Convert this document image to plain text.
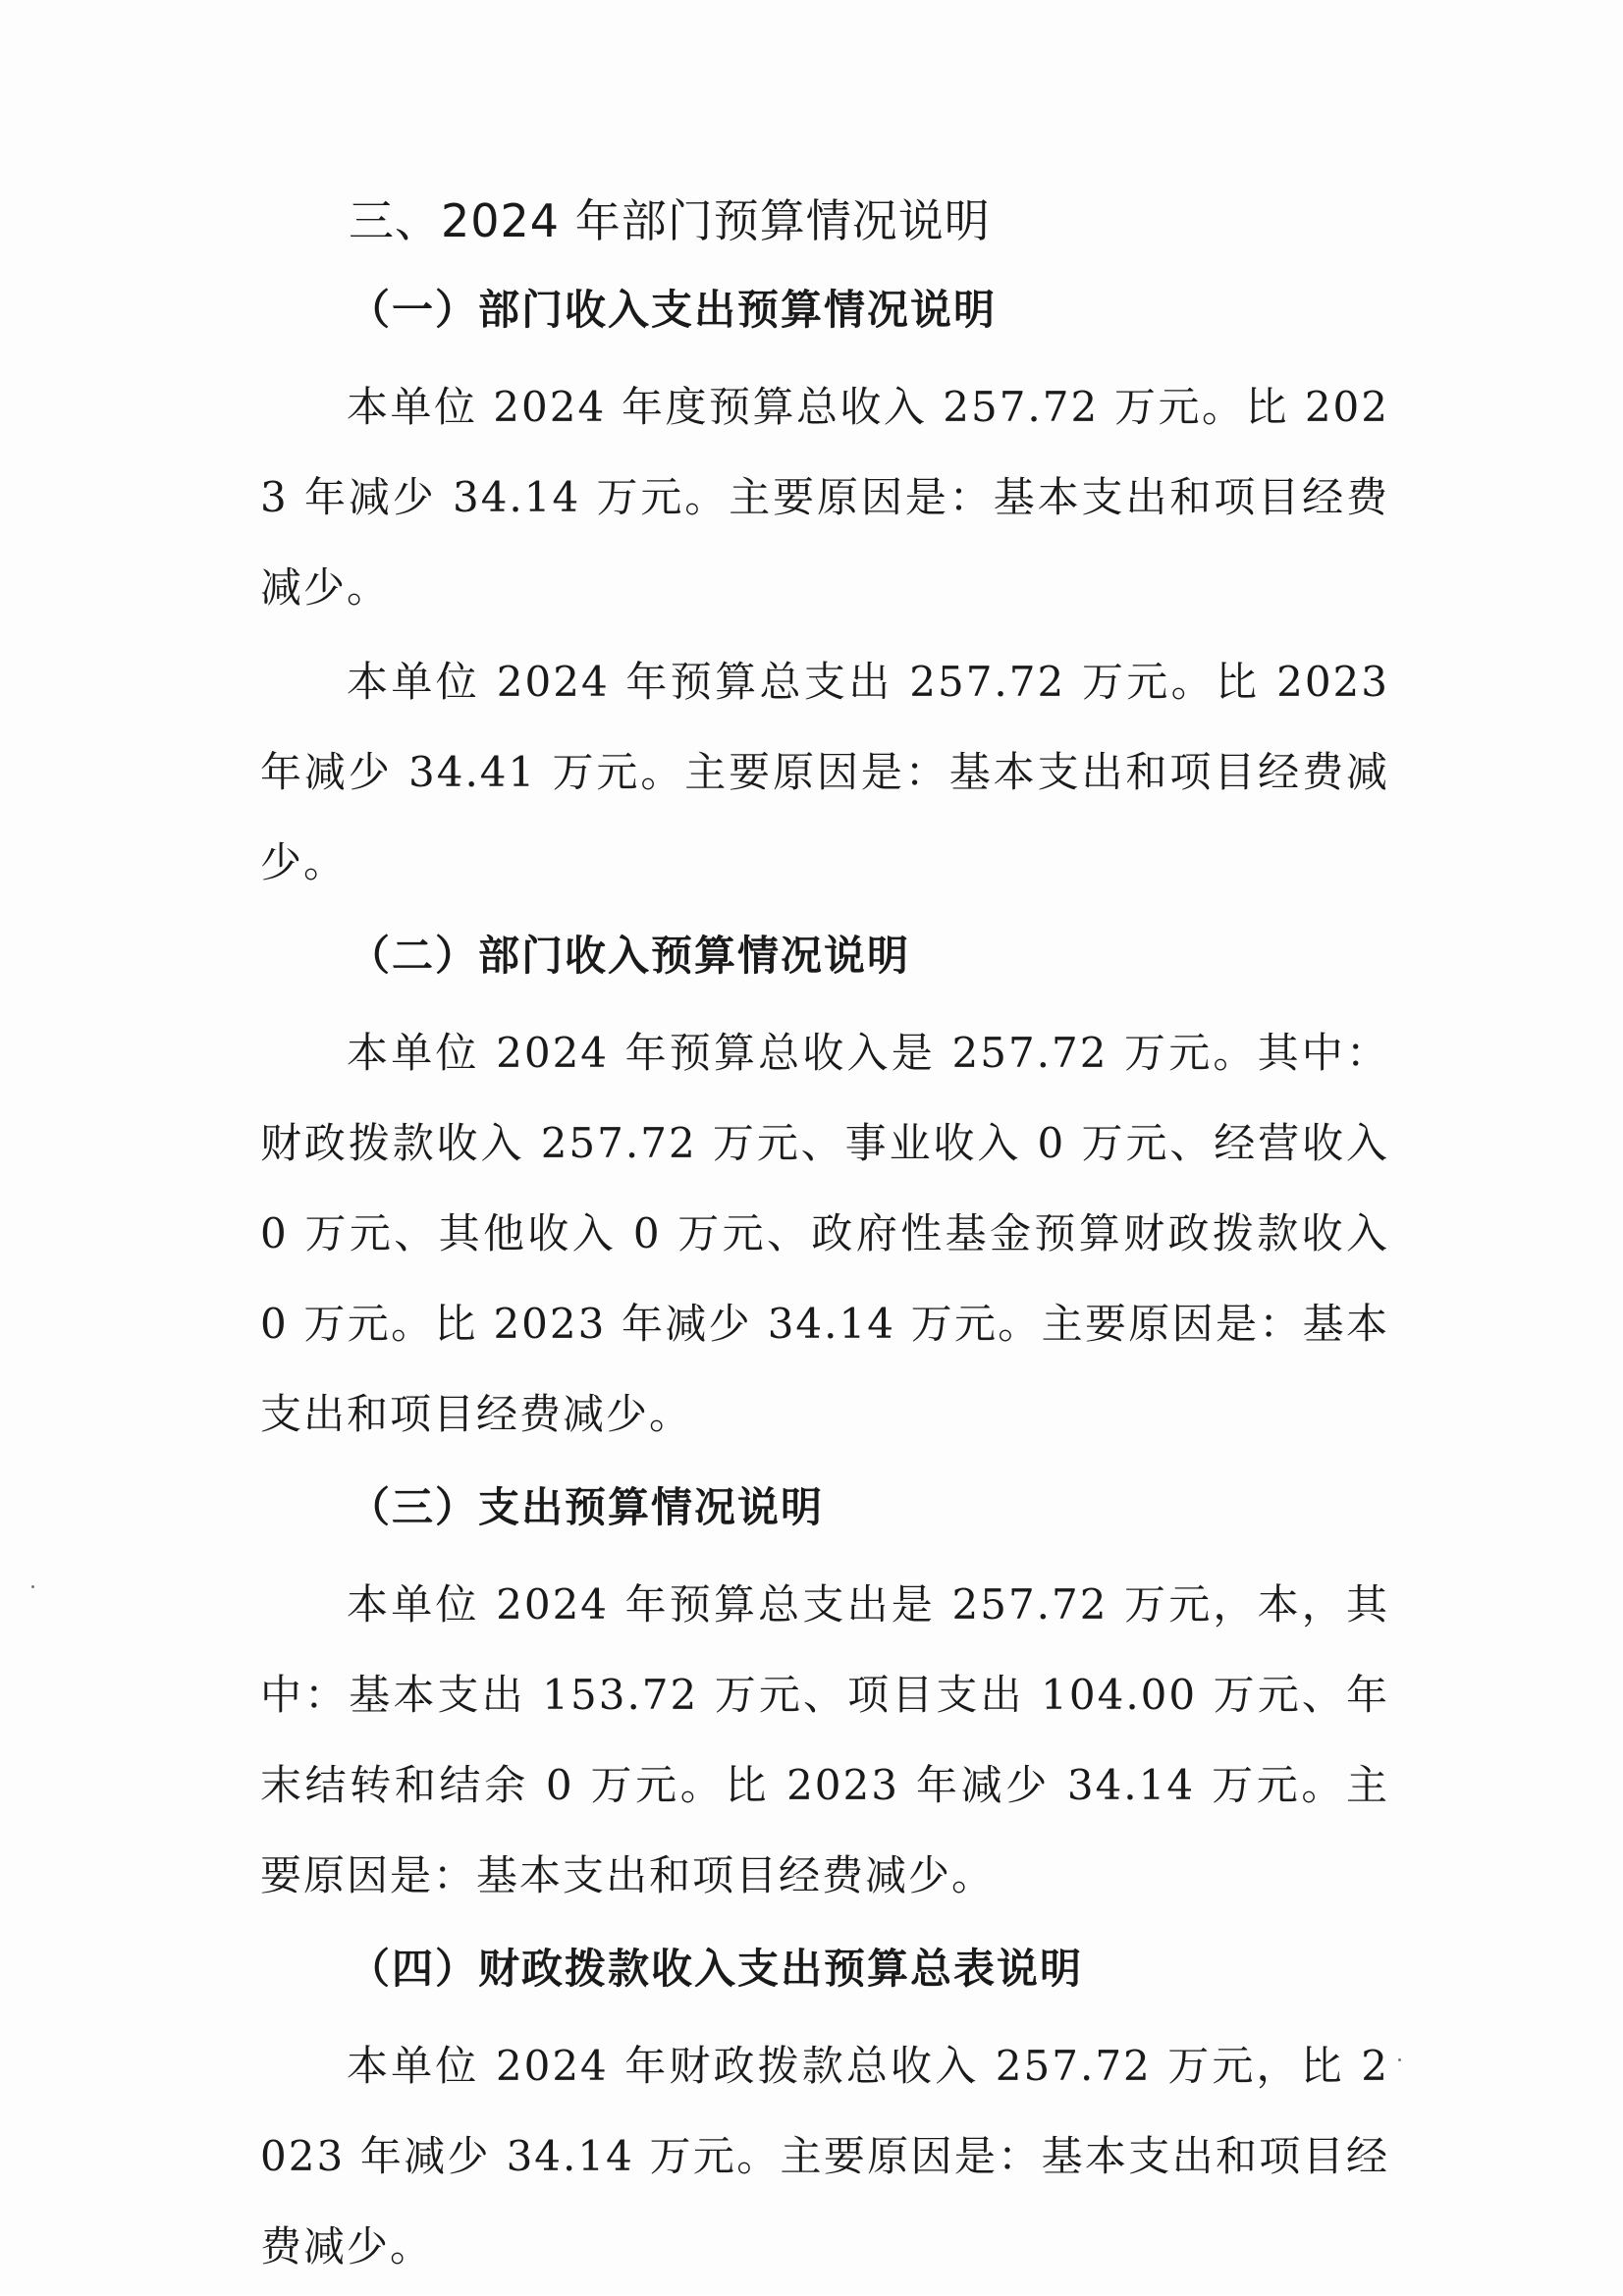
三、2024 年部门预算情况说明
（一）部门收入支出预算情况说明

本单位 2024 年度预算总收入 257.72 万元。比 2023 年减少 34.14 万元。主要原因是：基本支出和项目经费减少。

本单位 2024 年预算总支出 257.72 万元。比 2023 年减少 34.41 万元。主要原因是：基本支出和项目经费减少。

（二）部门收入预算情况说明

本单位 2024 年预算总收入是 257.72 万元。其中：财政拨款收入 257.72 万元、事业收入 0 万元、经营收入 0 万元、其他收入 0 万元、政府性基金预算财政拨款收入 0 万元。比 2023 年减少 34.14 万元。主要原因是：基本支出和项目经费减少。

（三）支出预算情况说明

本单位 2024 年预算总支出是 257.72 万元，本，其中：基本支出 153.72 万元、项目支出 104.00 万元、年末结转和结余 0 万元。比 2023 年减少 34.14 万元。主要原因是：基本支出和项目经费减少。

（四）财政拨款收入支出预算总表说明

本单位 2024 年财政拨款总收入 257.72 万元，比 2023 年减少 34.14 万元。主要原因是：基本支出和项目经费减少。
